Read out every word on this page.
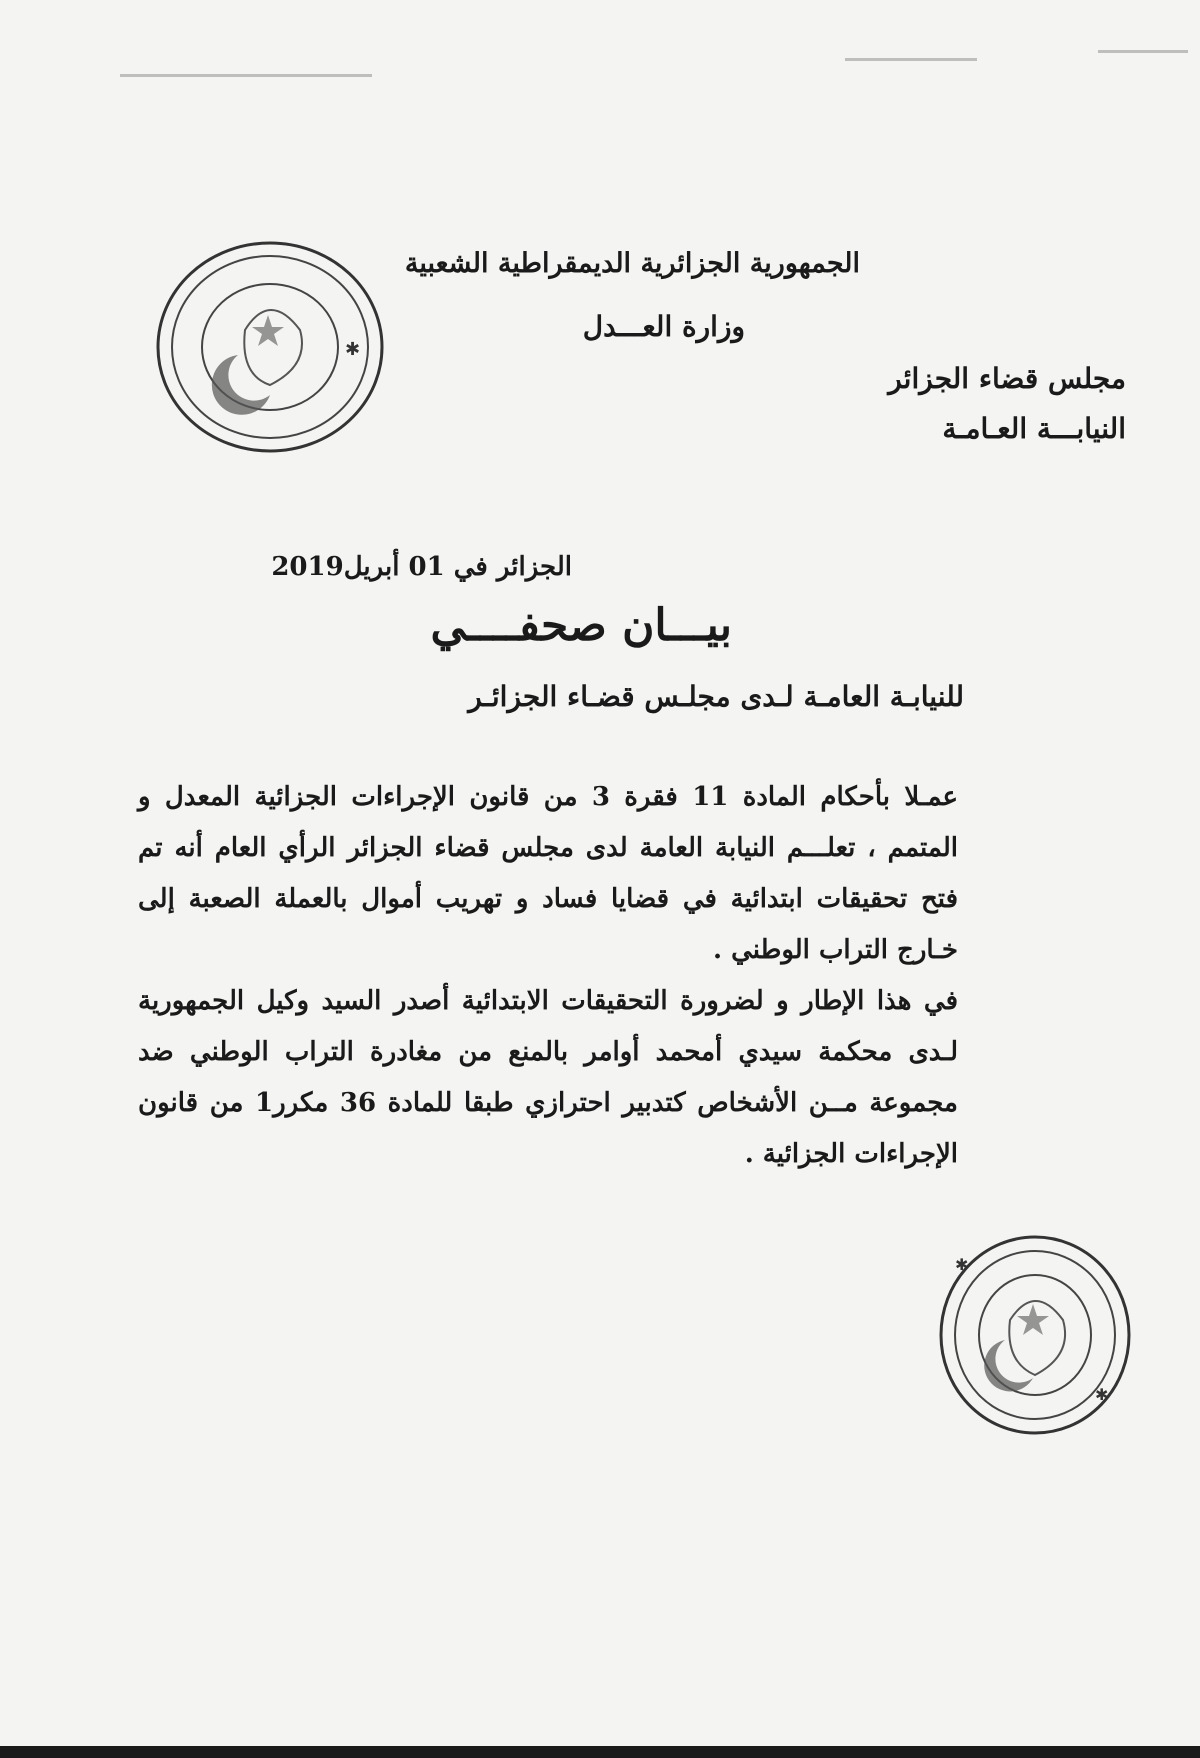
✱
✱
✱
الجمهورية الجزائرية الديمقراطية الشعبية
وزارة العـــدل
مجلس قضاء الجزائر
النيابـــة العـامـة
الجزائر في 01 أبريل2019
بيـــان صحفــــي
للنيابـة العامـة لـدى مجلـس قضـاء الجزائـر

عمـلا بأحكام المادة 11 فقرة 3 من قانون الإجراءات الجزائية المعدل و المتمم ، تعلـــم النيابة العامة لدى مجلس قضاء الجزائر الرأي العام أنه تم فتح تحقيقات ابتدائية في قضايا فساد و تهريب أموال بالعملة الصعبة إلى خـارج التراب الوطني .

في هذا الإطار و لضرورة التحقيقات الابتدائية أصدر السيد وكيل الجمهورية لـدى محكمة سيدي أمحمد أوامر بالمنع من مغادرة التراب الوطني ضد مجموعة مــن الأشخاص كتدبير احترازي طبقا للمادة 36 مكرر1 من قانون الإجراءات الجزائية .
